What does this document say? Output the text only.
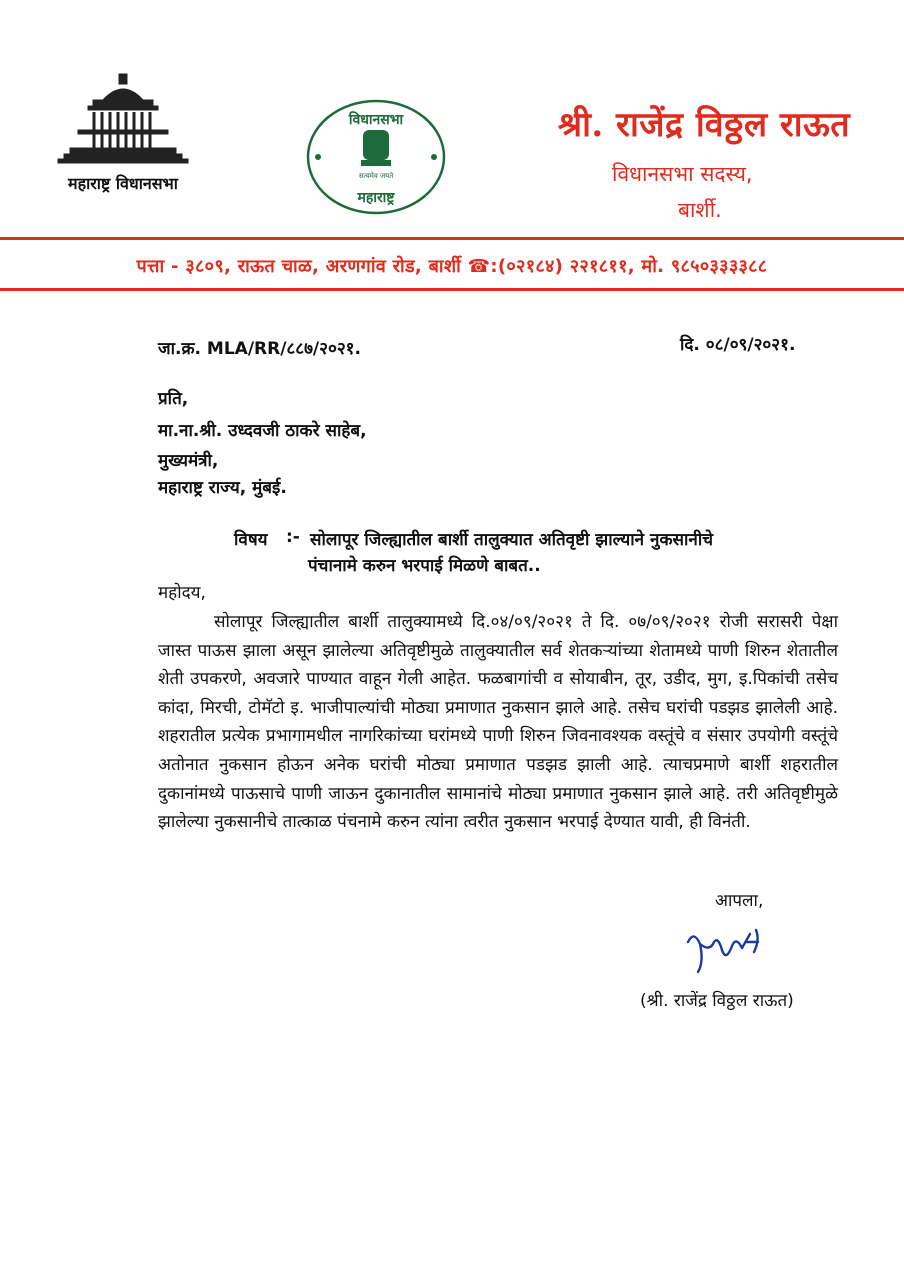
महाराष्ट्र विधानसभा
विधानसभा
सत्यमेव जयते
महाराष्ट्र
श्री. राजेंद्र विठ्ठल राऊत
विधानसभा सदस्य,
बार्शी.
पत्ता - ३८०९, राऊत चाळ, अरणगांव रोड, बार्शी ☎:(०२१८४) २२१८११, मो. ९८५०३३३३८८
जा.क्र. MLA/RR/८८७/२०२१.	दि. ०८/०९/२०२१.
प्रति,
मा.ना.श्री. उध्दवजी ठाकरे साहेब,
मुख्यमंत्री,
महाराष्ट्र राज्य, मुंबई.
विषय :- सोलापूर जिल्ह्यातील बार्शी तालुक्यात अतिवृष्टी झाल्याने नुकसानीचे
पंचानामे करुन भरपाई मिळणे बाबत..
महोदय,
सोलापूर जिल्ह्यातील बार्शी तालुक्यामध्ये दि.०४/०९/२०२१ ते दि. ०७/०९/२०२१ रोजी सरासरी पेक्षा जास्त पाऊस झाला असून झालेल्या अतिवृष्टीमुळे तालुक्यातील सर्व शेतकऱ्यांच्या शेतामध्ये पाणी शिरुन शेतातील शेती उपकरणे, अवजारे पाण्यात वाहून गेली आहेत. फळबागांची व सोयाबीन, तूर, उडीद, मुग, इ.पिकांची तसेच कांदा, मिरची, टोमॅटो इ. भाजीपाल्यांची मोठ्या प्रमाणात नुकसान झाले आहे. तसेच घरांची पडझड झालेली आहे. शहरातील प्रत्येक प्रभागामधील नागरिकांच्या घरांमध्ये पाणी शिरुन जिवनावश्यक वस्तूंचे व संसार उपयोगी वस्तूंचे अतोनात नुकसान होऊन अनेक घरांची मोठ्या प्रमाणात पडझड झाली आहे. त्याचप्रमाणे बार्शी शहरातील दुकानांमध्ये पाऊसाचे पाणी जाऊन दुकानातील सामानांचे मोठ्या प्रमाणात नुकसान झाले आहे. तरी अतिवृष्टीमुळे झालेल्या नुकसानीचे तात्काळ पंचनामे करुन त्यांना त्वरीत नुकसान भरपाई देण्यात यावी, ही विनंती.
आपला,
(श्री. राजेंद्र विठ्ठल राऊत)
